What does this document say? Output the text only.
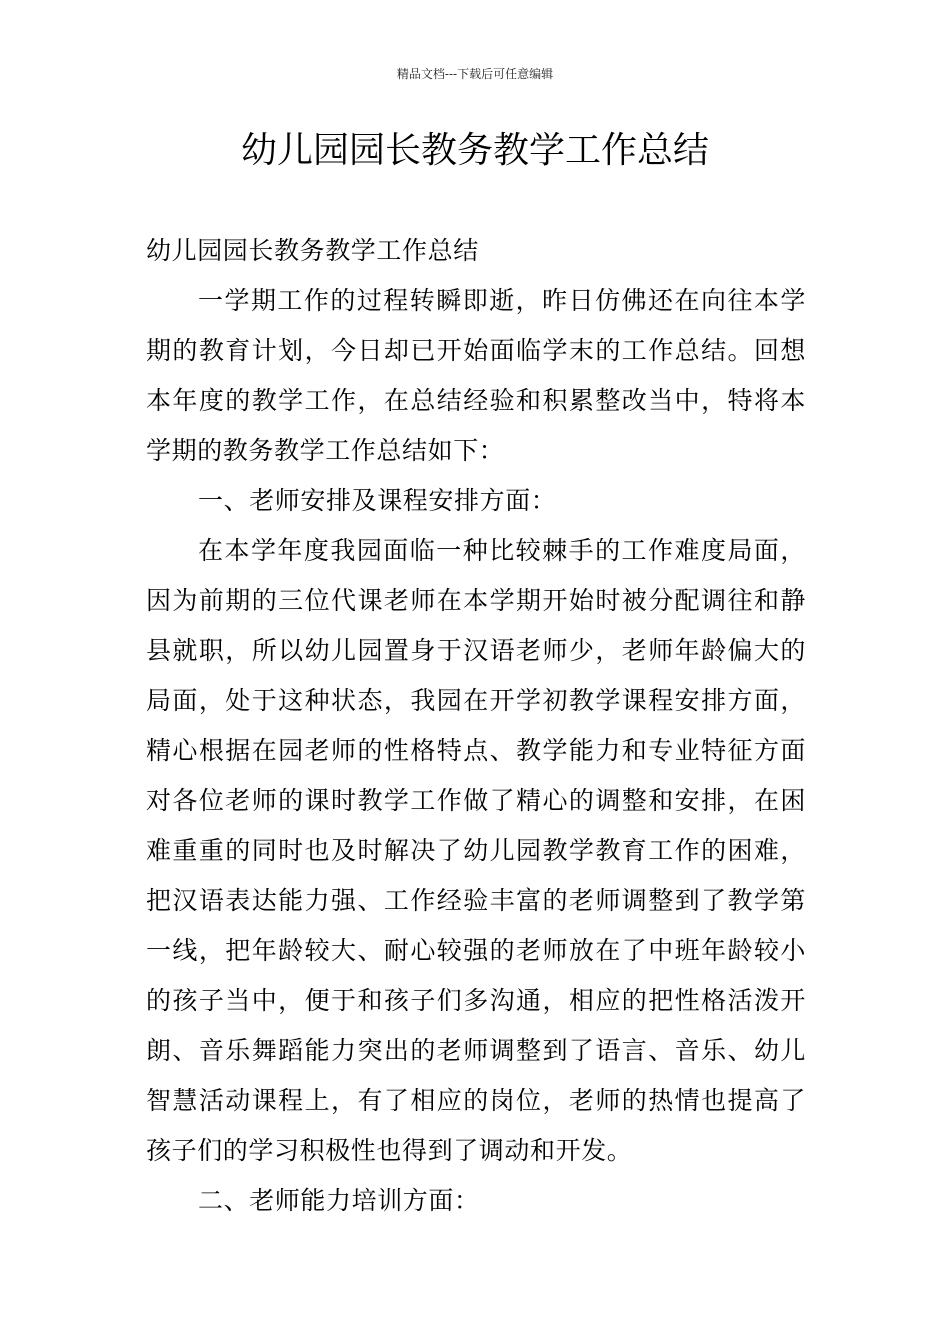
精品文档---下载后可任意编辑
幼儿园园长教务教学工作总结

幼儿园园长教务教学工作总结

一学期工作的过程转瞬即逝，昨日仿佛还在向往本学期的教育计划，今日却已开始面临学末的工作总结。回想本年度的教学工作，在总结经验和积累整改当中，特将本学期的教务教学工作总结如下：

一、老师安排及课程安排方面：

在本学年度我园面临一种比较棘手的工作难度局面，因为前期的三位代课老师在本学期开始时被分配调往和静县就职，所以幼儿园置身于汉语老师少，老师年龄偏大的局面，处于这种状态，我园在开学初教学课程安排方面，精心根据在园老师的性格特点、教学能力和专业特征方面对各位老师的课时教学工作做了精心的调整和安排，在困难重重的同时也及时解决了幼儿园教学教育工作的困难，把汉语表达能力强、工作经验丰富的老师调整到了教学第一线，把年龄较大、耐心较强的老师放在了中班年龄较小的孩子当中，便于和孩子们多沟通，相应的把性格活泼开朗、音乐舞蹈能力突出的老师调整到了语言、音乐、幼儿智慧活动课程上，有了相应的岗位，老师的热情也提高了孩子们的学习积极性也得到了调动和开发。

二、老师能力培训方面：
